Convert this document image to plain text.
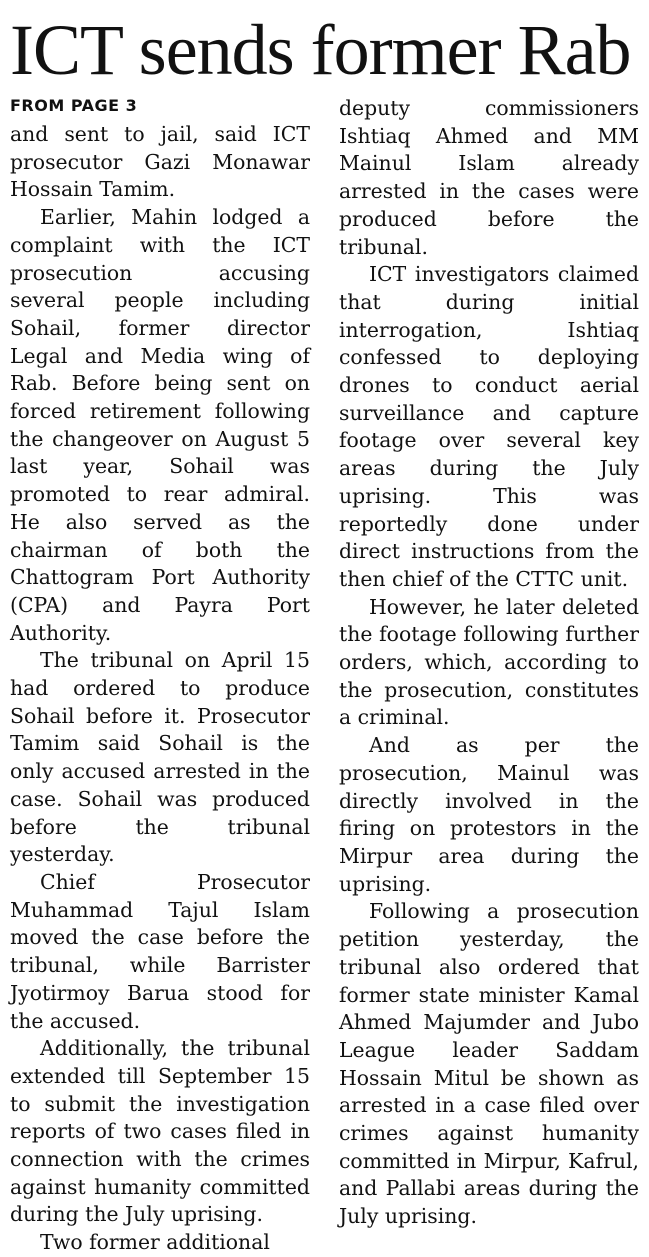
ICT sends former Rab
FROM PAGE 3

and sent to jail, said ICT prosecutor Gazi Monawar Hossain Tamim.

Earlier, Mahin lodged a complaint with the ICT prosecution accusing several people including Sohail, former director Legal and Media wing of Rab. Before being sent on forced retirement following the changeover on August 5 last year, Sohail was promoted to rear admiral. He also served as the chairman of both the Chattogram Port Authority (CPA) and Payra Port Authority.

The tribunal on April 15 had ordered to produce Sohail before it. Prosecutor Tamim said Sohail is the only accused arrested in the case. Sohail was produced before the tribunal yesterday.

Chief Prosecutor Muhammad Tajul Islam moved the case before the tribunal, while Barrister Jyotirmoy Barua stood for the accused.

Additionally, the tribunal extended till September 15 to submit the investigation reports of two cases filed in connection with the crimes against humanity committed during the July uprising.

Two former additional

deputy commissioners Ishtiaq Ahmed and MM Mainul Islam already arrested in the cases were produced before the tribunal.

ICT investigators claimed that during initial interrogation, Ishtiaq confessed to deploying drones to conduct aerial surveillance and capture footage over several key areas during the July uprising. This was reportedly done under direct instructions from the then chief of the CTTC unit.

However, he later deleted the footage following further orders, which, according to the prosecution, constitutes a criminal.

And as per the prosecution, Mainul was directly involved in the firing on protestors in the Mirpur area during the uprising.

Following a prosecution petition yesterday, the tribunal also ordered that former state minister Kamal Ahmed Majumder and Jubo League leader Saddam Hossain Mitul be shown as arrested in a case filed over crimes against humanity committed in Mirpur, Kafrul, and Pallabi areas during the July uprising.
